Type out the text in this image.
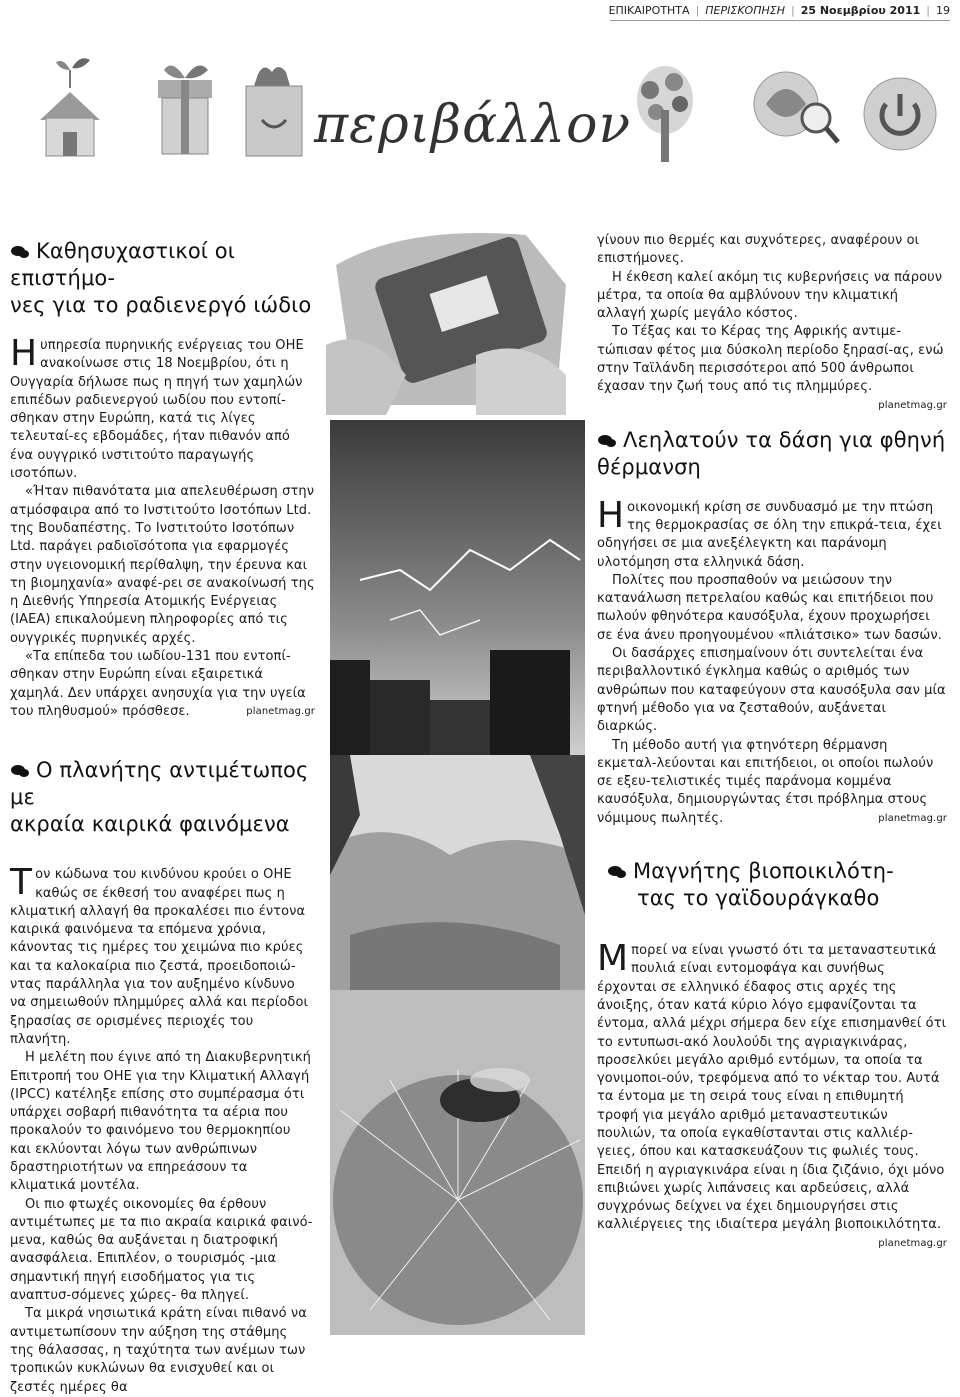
ΕΠΙΚΑΙΡΟΤΗΤΑ | ΠΕΡΙΣΚΟΠΗΣΗ | 25 Νοεμβρίου 2011 | 19
περιβάλλον
Καθησυχαστικοί οι επιστήμο-
νες για το ραδιενεργό ιώδιο

Ηυπηρεσία πυρηνικής ενέργειας του ΟΗΕ ανακοίνωσε στις 18 Νοεμβρίου, ότι η Ουγγαρία δήλωσε πως η πηγή των χαμηλών επιπέδων ραδιενεργού ιωδίου που εντοπί-σθηκαν στην Ευρώπη, κατά τις λίγες τελευταί-ες εβδομάδες, ήταν πιθανόν από ένα ουγγρικό ινστιτούτο παραγωγής ισοτόπων.

«Ήταν πιθανότατα μια απελευθέρωση στην ατμόσφαιρα από το Ινστιτούτο Ισοτόπων Ltd. της Βουδαπέστης. Το Ινστιτούτο Ισοτόπων Ltd. παράγει ραδιοϊσότοπα για εφαρμογές στην υγειονομική περίθαλψη, την έρευνα και τη βιομηχανία» αναφέ-ρει σε ανακοίνωσή της η Διεθνής Υπηρεσία Ατομικής Ενέργειας (IAEA) επικαλούμενη πληροφορίες από τις ουγγρικές πυρηνικές αρχές.

«Τα επίπεδα του ιωδίου-131 που εντοπί-σθηκαν στην Ευρώπη είναι εξαιρετικά χαμηλά. Δεν υπάρχει ανησυχία για την υγεία του πληθυσμού» πρόσθεσε.	planetmag.gr

Ο πλανήτης αντιμέτωπος με
ακραία καιρικά φαινόμενα

Τον κώδωνα του κινδύνου κρούει ο ΟΗΕ καθώς σε έκθεσή του αναφέρει πως η κλιματική αλλαγή θα προκαλέσει πιο έντονα καιρικά φαινόμενα τα επόμενα χρόνια, κάνοντας τις ημέρες του χειμώνα πιο κρύες και τα καλοκαίρια πιο ζεστά, προειδοποιώ-ντας παράλληλα για τον αυξημένο κίνδυνο να σημειωθούν πλημμύρες αλλά και περίοδοι ξηρασίας σε ορισμένες περιοχές του πλανήτη.

Η μελέτη που έγινε από τη Διακυβερνητική Επιτροπή του ΟΗΕ για την Κλιματική Αλλαγή (IPCC) κατέληξε επίσης στο συμπέρασμα ότι υπάρχει σοβαρή πιθανότητα τα αέρια που προκαλούν το φαινόμενο του θερμοκηπίου και εκλύονται λόγω των ανθρώπινων δραστηριοτήτων να επηρεάσουν τα κλιματικά μοντέλα.

Οι πιο φτωχές οικονομίες θα έρθουν αντιμέτωπες με τα πιο ακραία καιρικά φαινό-μενα, καθώς θα αυξάνεται η διατροφική ανασφάλεια. Επιπλέον, ο τουρισμός -μια σημαντική πηγή εισοδήματος για τις αναπτυσ-σόμενες χώρες- θα πληγεί.

Τα μικρά νησιωτικά κράτη είναι πιθανό να αντιμετωπίσουν την αύξηση της στάθμης της θάλασσας, η ταχύτητα των ανέμων των τροπικών κυκλώνων θα ενισχυθεί και οι ζεστές ημέρες θα

γίνουν πιο θερμές και συχνότερες, αναφέρουν οι επιστήμονες.

Η έκθεση καλεί ακόμη τις κυβερνήσεις να πάρουν μέτρα, τα οποία θα αμβλύνουν την κλιματική αλλαγή χωρίς μεγάλο κόστος.

Το Τέξας και το Κέρας της Αφρικής αντιμε-τώπισαν φέτος μια δύσκολη περίοδο ξηρασί-ας, ενώ στην Ταϊλάνδη περισσότεροι από 500 άνθρωποι έχασαν την ζωή τους από τις πλημμύρες.
planetmag.gr

Λεηλατούν τα δάση για φθηνή
θέρμανση

Ηοικονομική κρίση σε συνδυασμό με την πτώση της θερμοκρασίας σε όλη την επικρά-τεια, έχει οδηγήσει σε μια ανεξέλεγκτη και παράνομη υλοτόμηση στα ελληνικά δάση.

Πολίτες που προσπαθούν να μειώσουν την κατανάλωση πετρελαίου καθώς και επιτήδειοι που πωλούν φθηνότερα καυσόξυλα, έχουν προχωρήσει σε ένα άνευ προηγουμένου «πλιάτσικο» των δασών.

Οι δασάρχες επισημαίνουν ότι συντελείται ένα περιβαλλοντικό έγκλημα καθώς ο αριθμός των ανθρώπων που καταφεύγουν στα καυσόξυλα σαν μία φτηνή μέθοδο για να ζεσταθούν, αυξάνεται διαρκώς.

Τη μέθοδο αυτή για φτηνότερη θέρμανση εκμεταλ-λεύονται και επιτήδειοι, οι οποίοι πωλούν σε εξευ-τελιστικές τιμές παράνομα κομμένα καυσόξυλα, δημιουργώντας έτσι πρόβλημα στους νόμιμους πωλητές.	planetmag.gr

Μαγνήτης βιοποικιλότη-
τας το γαϊδουράγκαθο

Μπορεί να είναι γνωστό ότι τα μεταναστευτικά πουλιά είναι εντομοφάγα και συνήθως έρχονται σε ελληνικό έδαφος στις αρχές της άνοιξης, όταν κατά κύριο λόγο εμφανίζονται τα έντομα, αλλά μέχρι σήμερα δεν είχε επισημανθεί ότι το εντυπωσι-ακό λουλούδι της αγριαγκινάρας, προσελκύει μεγάλο αριθμό εντόμων, τα οποία τα γονιμοποι-ούν, τρεφόμενα από το νέκταρ του. Αυτά τα έντομα με τη σειρά τους είναι η επιθυμητή τροφή για μεγάλο αριθμό μεταναστευτικών πουλιών, τα οποία εγκαθίστανται στις καλλιέρ-γειες, όπου και κατασκευάζουν τις φωλιές τους. Επειδή η αγριαγκινάρα είναι η ίδια ζιζάνιο, όχι μόνο επιβιώνει χωρίς λιπάνσεις και αρδεύσεις, αλλά συγχρόνως δείχνει να έχει δημιουργήσει στις καλλιέργειες της ιδιαίτερα μεγάλη βιοποικιλότητα.
planetmag.gr
